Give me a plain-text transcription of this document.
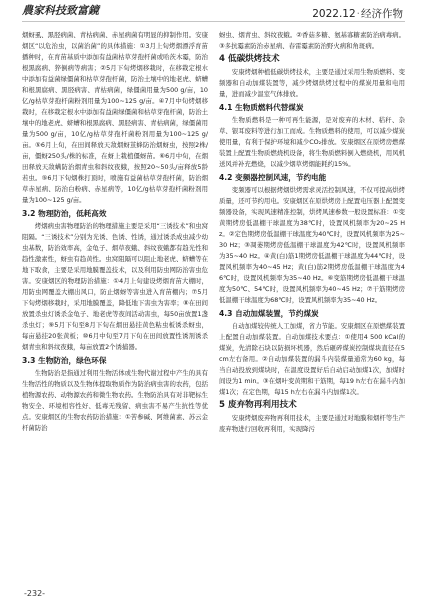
農家科技致富鏡	2022.12·经济作物

烟蚜虱、黑胫病菌、青枯病菌、赤星病菌有明显的抑制作用。安康烟区“以危治虫，以菌治菌”的具体措施：①3月上旬烤烟漂浮育苗播种时，在育苗基质中添加有益菌枯草芽孢杆菌或哈茨木霉，防治根黑腐病、猝倒病等病害；②5月下旬烤烟移栽时，在移栽定根水中添加有益菌绿僵菌和枯草芽孢杆菌，防治土壤中的地老虎、蛴螬和根黑腐病、黑胫病害、青枯病菌，绿僵菌用量为500 g/亩，10亿/g枯草芽孢杆菌粉剂用量为100~125 g/亩。④7月中旬烤烟移栽时，在移栽定根水中添加有益菌绿僵菌和枯草芽孢杆菌，防治土壤中的地老虎、蛴螬和根黑腐病、黑胫病害、青枯病菌，绿僵菌用量为500 g/亩，10亿/g枯草芽孢杆菌粉剂用量为100~125 g/亩。⑤6月上旬，在田间释放天敌烟蚜茧蜂防治烟蚜虫，按照2株/亩，僵蚜250头/株的标准，在蚜上栽植僵蚜苗。⑥6月中旬，在烟田释放天敌螨防治烟青虫和斜纹夜蛾，按照20~50头/亩释放5龄若虫。⑤6月下旬烟株打顶时，喷施有益菌枯草芽孢杆菌，防治烟草赤星病、防治白粉病、赤星病等，10亿/g枯草芽孢杆菌粉剂用量为100~125 g/亩。

3.2 物理防治，低耗高效

烤烟病虫害物理防治的物理措施主要是采用“三诱技术”和虫窝阻隔。“三诱技术”分别为光诱、色诱、性诱，通过诱杀成虫减少幼虫基数，防治效率高，金龟子、烟草夜蛾、斜纹夜蛾都有趋光性和趋性激素性，蚜虫有趋黄性。虫窝阻隔可以阻止地老虎、蛴螬等在地下取食，主要是采用地膜覆盖技术，以及利用防虫网防治害虫危害。安康烟区的物理防治措施：①4月上旬建设烤烟育苗大棚时，用防虫网覆盖大棚出风口，防止烟蚜等害虫进入育苗棚内；⑦5月下旬烤烟移栽时，采用地膜覆盖，降低地下害虫为害率；⑧在田间放置杀虫灯诱杀金龟子、地老虎等夜间活动害虫，每50亩放置1盏杀虫灯；⑨5月下旬至8月下旬在烟田悬挂黄色粘虫板诱杀蚜虫，每亩悬挂20张黄板；⑩6月中旬至7月下旬在田间放置性诱剂诱杀烟青虫和斜纹夜蛾，每亩放置2个诱捕器。

3.3 生物防治，绿色环保

生物防治是指通过利用生物活体或生物代谢过程中产生的具有生物活性的物质以及生物体提取物质作为防治病虫害的农药，包括植物源农药、动物源农药和微生物农药。生物防治具有对非靶标生物安全、环境相容性好、低毒无残留、病虫害不易产生抗性等优点。安康烟区的生物农药防治措施：①苦参碱、阿维菌素、苏云金杆菌防治

蚜虫、烟青虫、斜纹夜蛾。②香菇多糖、氨基寡糖素防治病毒病。③多抗霉素防治赤星病、春雷霉素防治野火病和角斑病。

4 低碳烘烤技术

安康烤烟种植低碳烘烤技术，主要是通过采用生物质燃料、变频器和自动加煤装置等，减少烤烟烘烤过程中的煤炭用量和电用量，进而减少温室气体排放。

4.1 生物质燃料代替煤炭

生物质燃料是一种可再生能源，是对废弃的木材、秸秆、杂草、银耳废料等进行加工而成。生物质燃料的使用，可以减少煤炭使用量，有利于保护环境和减少CO₂排放。安康烟区在原烤房燃煤装置上配置生物质燃烧机设备，将生物质燃料倒入燃烧机，用风机送风并补充燃烧，以减少烟草烤烟能耗约15%。

4.2 变频器控制风速，节约电能

变频器可以根据烤烟烘烤需求灵活控制风速，不仅可提高烘烤质量，还可节约用电。安康烟区在原烘烤房上配置电压器上配置变频器设备，实现风速精准控制，烘烤风速参数一般设置标准：①变黄期烤房低温棚干球温度为38℃时，设置风机频率为20~25 Hz。②定色期烤房低温棚干球温度为40℃时，设置风机频率为25~30 Hz；③凋萎期烤房低温棚干球温度为42℃时，设置风机频率为35~40 Hz。④黄(白)筋1期烤房低温棚干球温度为44℃时，设置风机频率为40~45 Hz；黄(白)筋2期烤房低温棚干球温度为46℃时，设置风机频率为35~40 Hz。⑥变筋期烤房低温棚干球温度为50℃、54℃时，设置风机频率为40~45 Hz；⑦干筋期烤房低温棚干球温度为68℃时，设置风机频率为35~40 Hz。

4.3 自动加煤装置，节约煤炭

自动加煤较传统人工加煤，省力节能。安康烟区在原燃煤装置上配置自动加煤装置。自动加煤技术要点：①使用4 500 kCal的煤炭，先清除石块以防损坏机器，然后砸碎煤炭控制煤块直径在5 cm左右备用。②自动加煤装置的漏斗内装煤量通常为60 kg，每当自动投放到煤块时，在温度设置好后自动启动加煤1次，加煤时间设为1 min。③在烟叶变黄期和干筋期，每19 h左右在漏斗内加煤1次；在定色期，每15 h左右在漏斗内加煤1次。

5 废弃物再利用技术

安康烤烟废弃物再利用技术，主要是通过对地膜和烟杆等生产废弃物进行回收再利用，实现降污

-232-
